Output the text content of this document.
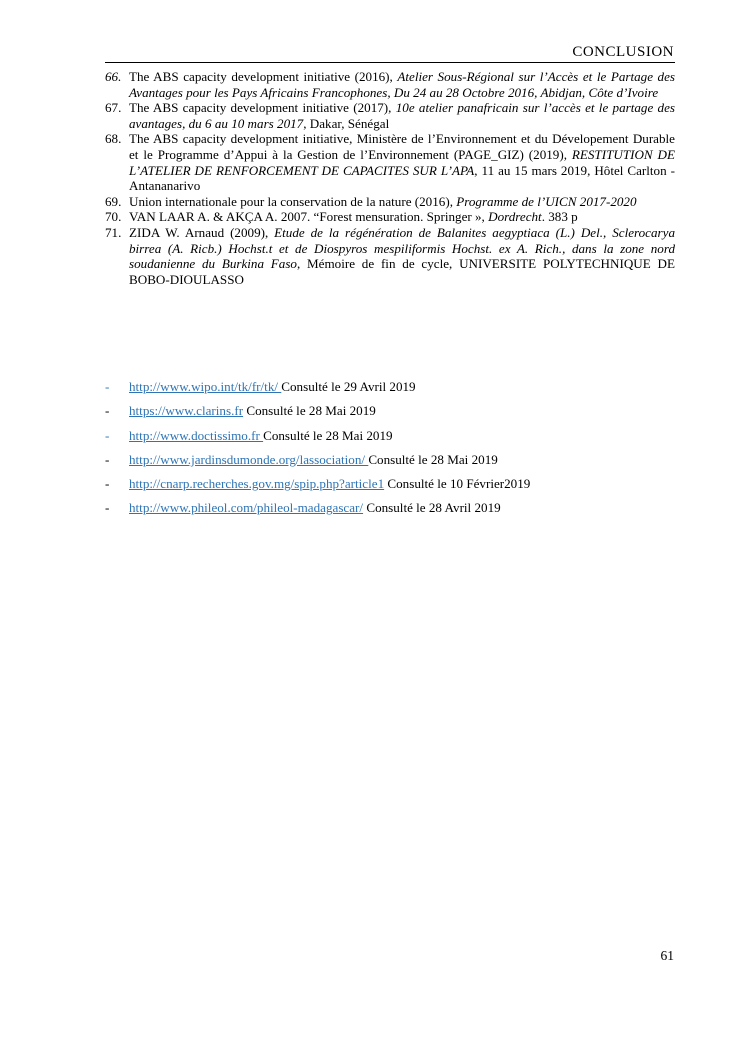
CONCLUSION
66. The ABS capacity development initiative (2016), Atelier Sous-Régional sur l’Accès et le Partage des Avantages pour les Pays Africains Francophones, Du 24 au 28 Octobre 2016, Abidjan, Côte d’Ivoire
67. The ABS capacity development initiative (2017), 10e atelier panafricain sur l’accès et le partage des avantages, du 6 au 10 mars 2017, Dakar, Sénégal
68. The ABS capacity development initiative, Ministère de l’Environnement et du Dévelopement Durable et le Programme d’Appui à la Gestion de l’Environnement (PAGE_GIZ) (2019), RESTITUTION DE L’ATELIER DE RENFORCEMENT DE CAPACITES SUR L’APA, 11 au 15 mars 2019, Hôtel Carlton - Antananarivo
69. Union internationale pour la conservation de la nature (2016), Programme de l’UICN 2017-2020
70. VAN LAAR A. & AKÇA A. 2007. “Forest mensuration. Springer », Dordrecht. 383 p
71. ZIDA W. Arnaud (2009), Etude de la régénération de Balanites aegyptiaca (L.) Del., Sclerocarya birrea (A. Ricb.) Hochst.t et de Diospyros mespiliformis Hochst. ex A. Rich., dans la zone nord soudanienne du Burkina Faso, Mémoire de fin de cycle, UNIVERSITE POLYTECHNIQUE DE BOBO-DIOULASSO
- http://www.wipo.int/tk/fr/tk/ Consulté le 29 Avril 2019
- https://www.clarins.fr Consulté le 28 Mai 2019
- http://www.doctissimo.fr Consulté le 28 Mai 2019
- http://www.jardinsdumonde.org/lassociation/ Consulté le 28 Mai 2019
- http://cnarp.recherches.gov.mg/spip.php?article1 Consulté le 10 Février2019
- http://www.phileol.com/phileol-madagascar/ Consulté le 28 Avril 2019
61
